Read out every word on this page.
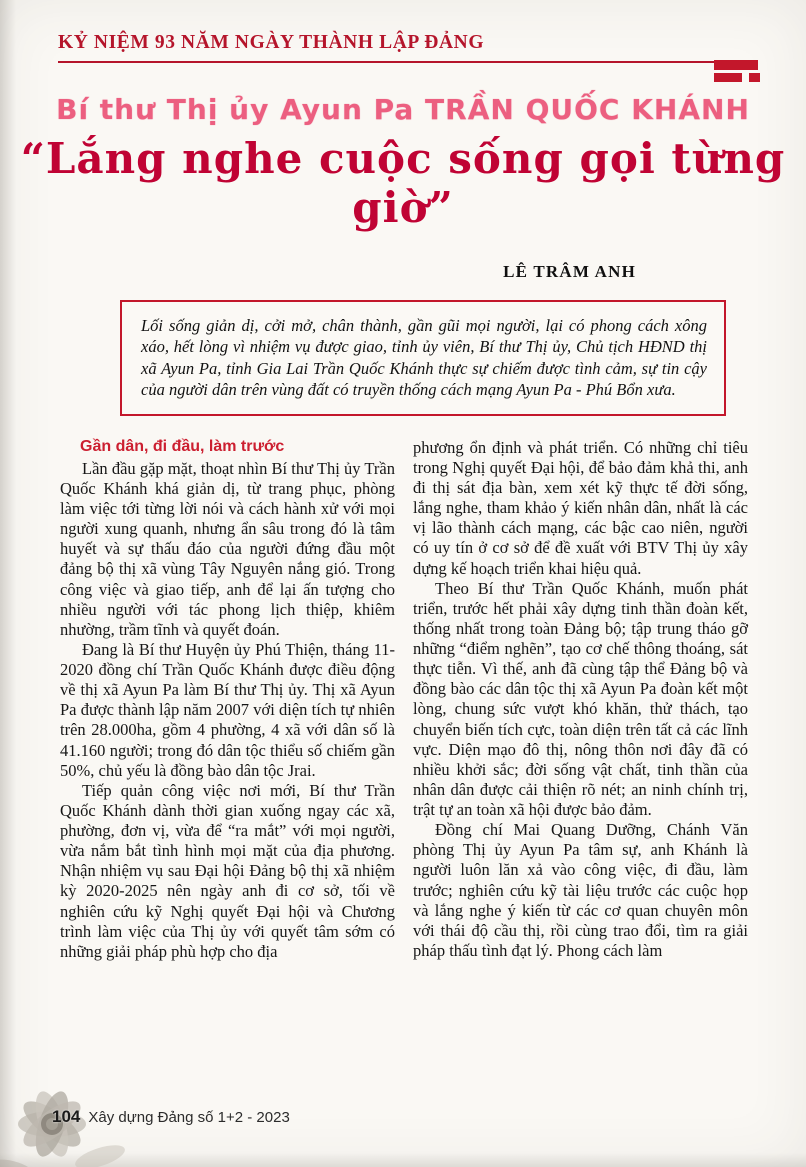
KỶ NIỆM 93 NĂM NGÀY THÀNH LẬP ĐẢNG
Bí thư Thị ủy Ayun Pa TRẦN QUỐC KHÁNH
“Lắng nghe cuộc sống gọi từng giờ”
LÊ TRÂM ANH

Lối sống giản dị, cởi mở, chân thành, gần gũi mọi người, lại có phong cách xông xáo, hết lòng vì nhiệm vụ được giao, tỉnh ủy viên, Bí thư Thị ủy, Chủ tịch HĐND thị xã Ayun Pa, tỉnh Gia Lai Trần Quốc Khánh thực sự chiếm được tình cảm, sự tin cậy của người dân trên vùng đất có truyền thống cách mạng Ayun Pa - Phú Bổn xưa.

Gần dân, đi đầu, làm trước

Lần đầu gặp mặt, thoạt nhìn Bí thư Thị ủy Trần Quốc Khánh khá giản dị, từ trang phục, phòng làm việc tới từng lời nói và cách hành xử với mọi người xung quanh, nhưng ẩn sâu trong đó là tâm huyết và sự thấu đáo của người đứng đầu một đảng bộ thị xã vùng Tây Nguyên nắng gió. Trong công việc và giao tiếp, anh để lại ấn tượng cho nhiều người với tác phong lịch thiệp, khiêm nhường, trầm tĩnh và quyết đoán.

Đang là Bí thư Huyện ủy Phú Thiện, tháng 11-2020 đồng chí Trần Quốc Khánh được điều động về thị xã Ayun Pa làm Bí thư Thị ủy. Thị xã Ayun Pa được thành lập năm 2007 với diện tích tự nhiên trên 28.000ha, gồm 4 phường, 4 xã với dân số là 41.160 người; trong đó dân tộc thiểu số chiếm gần 50%, chủ yếu là đồng bào dân tộc Jrai.

Tiếp quản công việc nơi mới, Bí thư Trần Quốc Khánh dành thời gian xuống ngay các xã, phường, đơn vị, vừa để “ra mắt” với mọi người, vừa nắm bắt tình hình mọi mặt của địa phương. Nhận nhiệm vụ sau Đại hội Đảng bộ thị xã nhiệm kỳ 2020-2025 nên ngày anh đi cơ sở, tối về nghiên cứu kỹ Nghị quyết Đại hội và Chương trình làm việc của Thị ủy với quyết tâm sớm có những giải pháp phù hợp cho địa

phương ổn định và phát triển. Có những chỉ tiêu trong Nghị quyết Đại hội, để bảo đảm khả thi, anh đi thị sát địa bàn, xem xét kỹ thực tế đời sống, lắng nghe, tham khảo ý kiến nhân dân, nhất là các vị lão thành cách mạng, các bậc cao niên, người có uy tín ở cơ sở để đề xuất với BTV Thị ủy xây dựng kế hoạch triển khai hiệu quả.

Theo Bí thư Trần Quốc Khánh, muốn phát triển, trước hết phải xây dựng tinh thần đoàn kết, thống nhất trong toàn Đảng bộ; tập trung tháo gỡ những “điểm nghẽn”, tạo cơ chế thông thoáng, sát thực tiễn. Vì thế, anh đã cùng tập thể Đảng bộ và đồng bào các dân tộc thị xã Ayun Pa đoàn kết một lòng, chung sức vượt khó khăn, thử thách, tạo chuyển biến tích cực, toàn diện trên tất cả các lĩnh vực. Diện mạo đô thị, nông thôn nơi đây đã có nhiều khởi sắc; đời sống vật chất, tinh thần của nhân dân được cải thiện rõ nét; an ninh chính trị, trật tự an toàn xã hội được bảo đảm.

Đồng chí Mai Quang Dưỡng, Chánh Văn phòng Thị ủy Ayun Pa tâm sự, anh Khánh là người luôn lăn xả vào công việc, đi đầu, làm trước; nghiên cứu kỹ tài liệu trước các cuộc họp và lắng nghe ý kiến từ các cơ quan chuyên môn với thái độ cầu thị, rồi cùng trao đổi, tìm ra giải pháp thấu tình đạt lý. Phong cách làm

104 Xây dựng Đảng số 1+2 - 2023
